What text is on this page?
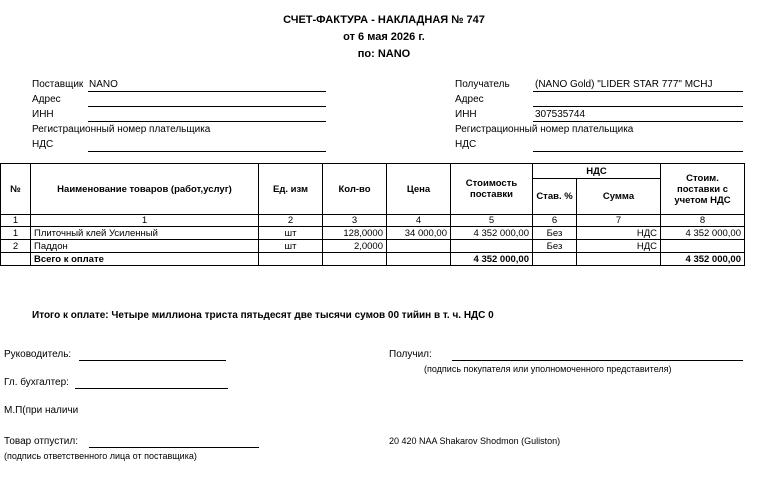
СЧЕТ-ФАКТУРА - НАКЛАДНАЯ № 747
от 6 мая 2026 г.
по: NANO
Поставщик NANO
Адрес
ИНН
Регистрационный номер плательщика
НДС
Получатель	(NANO Gold) "LIDER STAR 777" MCHJ
Адрес
ИНН	307535744
Регистрационный номер плательщика
НДС
№	Наименование товаров (работ,услуг)	Ед. изм	Кол-во	Цена	Стоимость поставки	НДС		Стоим. поставки с учетом НДС
						Став. %	Сумма	
1	1	2	3	4	5	6	7	8
1	Плиточный клей Усиленный	шт	128,0000	34 000,00	4 352 000,00	Без	НДС	4 352 000,00
2	Паддон	шт	2,0000			Без	НДС	
	Всего к оплате				4 352 000,00			4 352 000,00
Итого к оплате: Четыре миллиона триста пятьдесят две тысячи сумов 00 тийин в т. ч. НДС 0
Руководитель:
Гл. бухгалтер:
М.П(при наличи
Товар отпустил:
(подпись ответственного лица от поставщика)
Получил:
(подпись покупателя или уполномоченного представителя)
20 420 NAA Shakarov Shodmon (Guliston)
